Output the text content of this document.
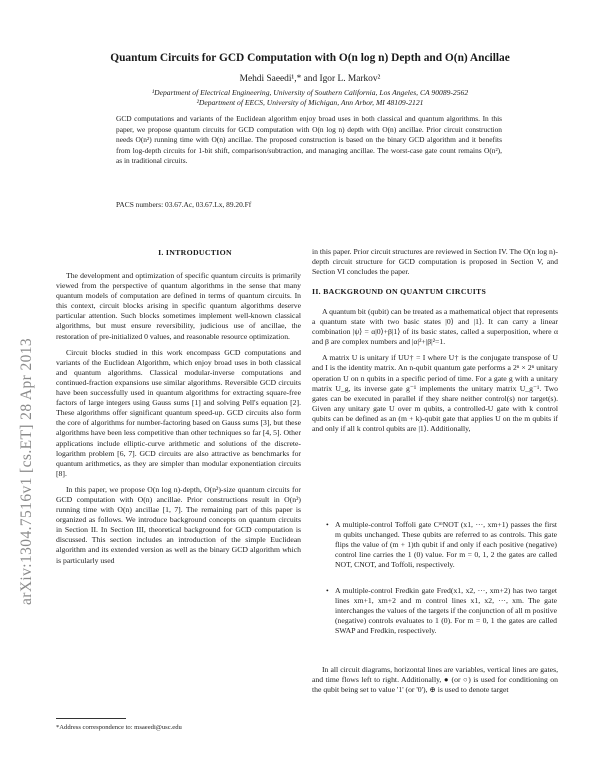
arXiv:1304.7516v1 [cs.ET] 28 Apr 2013
Quantum Circuits for GCD Computation with O(n log n) Depth and O(n) Ancillae
Mehdi Saeedi¹,* and Igor L. Markov²
¹Department of Electrical Engineering, University of Southern California, Los Angeles, CA 90089-2562
²Department of EECS, University of Michigan, Ann Arbor, MI 48109-2121

GCD computations and variants of the Euclidean algorithm enjoy broad uses in both classical and quantum algorithms. In this paper, we propose quantum circuits for GCD computation with O(n log n) depth with O(n) ancillae. Prior circuit construction needs O(n²) running time with O(n) ancillae. The proposed construction is based on the binary GCD algorithm and it benefits from log-depth circuits for 1-bit shift, comparison/subtraction, and managing ancillae. The worst-case gate count remains O(n²), as in traditional circuits.

PACS numbers: 03.67.Ac, 03.67.Lx, 89.20.Ff
I. INTRODUCTION

The development and optimization of specific quantum circuits is primarily viewed from the perspective of quantum algorithms in the sense that many quantum models of computation are defined in terms of quantum circuits. In this context, circuit blocks arising in specific quantum algorithms deserve particular attention. Such blocks sometimes implement well-known classical algorithms, but must ensure reversibility, judicious use of ancillae, the restoration of pre-initialized 0 values, and reasonable resource optimization.

Circuit blocks studied in this work encompass GCD computations and variants of the Euclidean Algorithm, which enjoy broad uses in both classical and quantum algorithms. Classical modular-inverse computations and continued-fraction expansions use similar algorithms. Reversible GCD circuits have been successfully used in quantum algorithms for extracting square-free factors of large integers using Gauss sums [1] and solving Pell's equation [2]. These algorithms offer significant quantum speed-up. GCD circuits also form the core of algorithms for number-factoring based on Gauss sums [3], but these algorithms have been less competitive than other techniques so far [4, 5]. Other applications include elliptic-curve arithmetic and solutions of the discrete-logarithm problem [6, 7]. GCD circuits are also attractive as benchmarks for quantum arithmetics, as they are simpler than modular exponentiation circuits [8].

In this paper, we propose O(n log n)-depth, O(n²)-size quantum circuits for GCD computation with O(n) ancillae. Prior constructions result in O(n²) running time with O(n) ancillae [1, 7]. The remaining part of this paper is organized as follows. We introduce background concepts on quantum circuits in Section II. In Section III, theoretical background for GCD computation is discussed. This section includes an introduction of the simple Euclidean algorithm and its extended version as well as the binary GCD algorithm which is particularly used

in this paper. Prior circuit structures are reviewed in Section IV. The O(n log n)-depth circuit structure for GCD computation is proposed in Section V, and Section VI concludes the paper.
II. BACKGROUND ON QUANTUM CIRCUITS

A quantum bit (qubit) can be treated as a mathematical object that represents a quantum state with two basic states |0⟩ and |1⟩. It can carry a linear combination |ψ⟩ = α|0⟩+β|1⟩ of its basic states, called a superposition, where α and β are complex numbers and |α|²+|β|²=1.

A matrix U is unitary if UU† = I where U† is the conjugate transpose of U and I is the identity matrix. An n-qubit quantum gate performs a 2ⁿ × 2ⁿ unitary operation U on n qubits in a specific period of time. For a gate g with a unitary matrix U_g, its inverse gate g⁻¹ implements the unitary matrix U_g⁻¹. Two gates can be executed in parallel if they share neither control(s) nor target(s). Given any unitary gate U over m qubits, a controlled-U gate with k control qubits can be defined as an (m + k)-qubit gate that applies U on the m qubits if and only if all k control qubits are |1⟩. Additionally,

• A multiple-control Toffoli gate CᵐNOT (x1, ···, xm+1) passes the first m qubits unchanged. These qubits are referred to as controls. This gate flips the value of (m + 1)th qubit if and only if each positive (negative) control line carries the 1 (0) value. For m = 0, 1, 2 the gates are called NOT, CNOT, and Toffoli, respectively.
• A multiple-control Fredkin gate Fred(x1, x2, ···, xm+2) has two target lines xm+1, xm+2 and m control lines x1, x2, ···, xm. The gate interchanges the values of the targets if the conjunction of all m positive (negative) controls evaluates to 1 (0). For m = 0, 1 the gates are called SWAP and Fredkin, respectively.
In all circuit diagrams, horizontal lines are variables, vertical lines are gates, and time flows left to right. Additionally, ● (or ○) is used for conditioning on the qubit being set to value '1' (or '0'), ⊕ is used to denote target
*Address correspondence to: msaeedi@usc.edu
